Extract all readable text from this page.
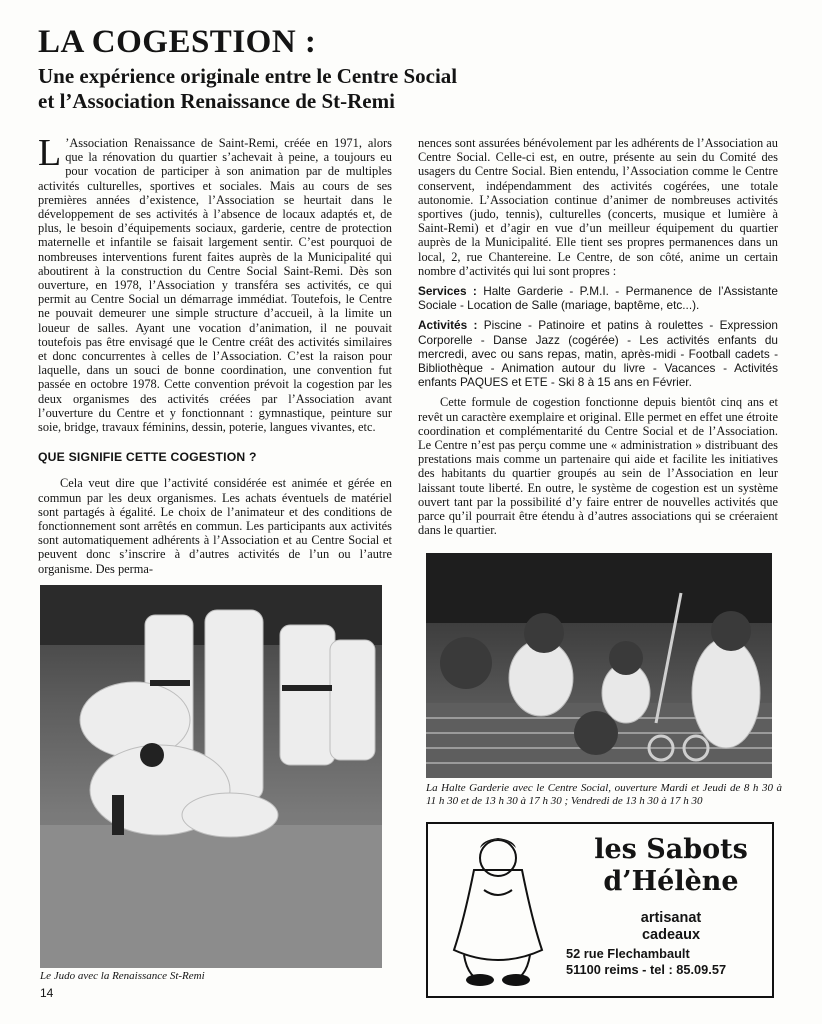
LA COGESTION :
Une expérience originale entre le Centre Social
et l’Association Renaissance de St-Remi

L ’Association Renaissance de Saint-Remi, créée en 1971, alors que la rénovation du quartier s’achevait à peine, a toujours eu pour vocation de participer à son animation par de multiples activités culturelles, sportives et sociales. Mais au cours de ses premières années d’existence, l’Association se heurtait dans le développement de ses activités à l’absence de locaux adaptés et, de plus, le besoin d’équipements sociaux, garderie, centre de protection maternelle et infantile se faisait largement sentir. C’est pourquoi de nombreuses interventions furent faites auprès de la Municipalité qui aboutirent à la construction du Centre Social Saint-Remi. Dès son ouverture, en 1978, l’Association y transféra ses activités, ce qui permit au Centre Social un démarrage immédiat. Toutefois, le Centre ne pouvait demeurer une simple structure d’accueil, à la limite un loueur de salles. Ayant une vocation d’animation, il ne pouvait toutefois pas être envisagé que le Centre créât des activités similaires et donc concurrentes à celles de l’Association. C’est la raison pour laquelle, dans un souci de bonne coordination, une convention fut passée en octobre 1978. Cette convention prévoit la cogestion par les deux organismes des activités créées par l’Association avant l’ouverture du Centre et y fonctionnant : gymnastique, peinture sur soie, bridge, travaux féminins, dessin, poterie, langues vivantes, etc.

QUE SIGNIFIE CETTE COGESTION ?

Cela veut dire que l’activité considérée est animée et gérée en commun par les deux organismes. Les achats éventuels de matériel sont partagés à égalité. Le choix de l’animateur et des conditions de fonctionnement sont arrêtés en commun. Les participants aux activités sont automatiquement adhérents à l’Association et au Centre Social et peuvent donc s’inscrire à d’autres activités de l’un ou l’autre organisme. Des perma-

nences sont assurées bénévolement par les adhérents de l’Association au Centre Social. Celle-ci est, en outre, présente au sein du Comité des usagers du Centre Social. Bien entendu, l’Association comme le Centre conservent, indépendamment des activités cogérées, une totale autonomie. L’Association continue d’animer de nombreuses activités sportives (judo, tennis), culturelles (concerts, musique et lumière à Saint-Remi) et d’agir en vue d’un meilleur équipement du quartier auprès de la Municipalité. Elle tient ses propres permanences dans un local, 2, rue Chantereine. Le Centre, de son côté, anime un certain nombre d’activités qui lui sont propres :

Services : Halte Garderie - P.M.I. - Permanence de l’Assistante Sociale - Location de Salle (mariage, baptême, etc...).

Activités : Piscine - Patinoire et patins à roulettes - Expression Corporelle - Danse Jazz (cogérée) - Les activités enfants du mercredi, avec ou sans repas, matin, après-midi - Football cadets - Bibliothèque - Animation autour du livre - Vacances - Activités enfants PAQUES et ETE - Ski 8 à 15 ans en Février.

Cette formule de cogestion fonctionne depuis bientôt cinq ans et revêt un caractère exemplaire et original. Elle permet en effet une étroite coordination et complémentarité du Centre Social et de l’Association. Le Centre n’est pas perçu comme une « administration » distribuant des prestations mais comme un partenaire qui aide et facilite les initiatives des habitants du quartier groupés au sein de l’Association en leur laissant toute liberté. En outre, le système de cogestion est un système ouvert tant par la possibilité d’y faire entrer de nouvelles activités que parce qu’il pourrait être étendu à d’autres associations qui se créeraient dans le quartier.

Le Judo avec la Renaissance St-Remi
La Halte Garderie avec le Centre Social, ouverture Mardi et Jeudi de 8 h 30 à 11 h 30 et de 13 h 30 à 17 h 30 ; Vendredi de 13 h 30 à 17 h 30
les Sabots
d’Hélène
artisanat
cadeaux
52 rue Flechambault
51100 reims - tel : 85.09.57
14
